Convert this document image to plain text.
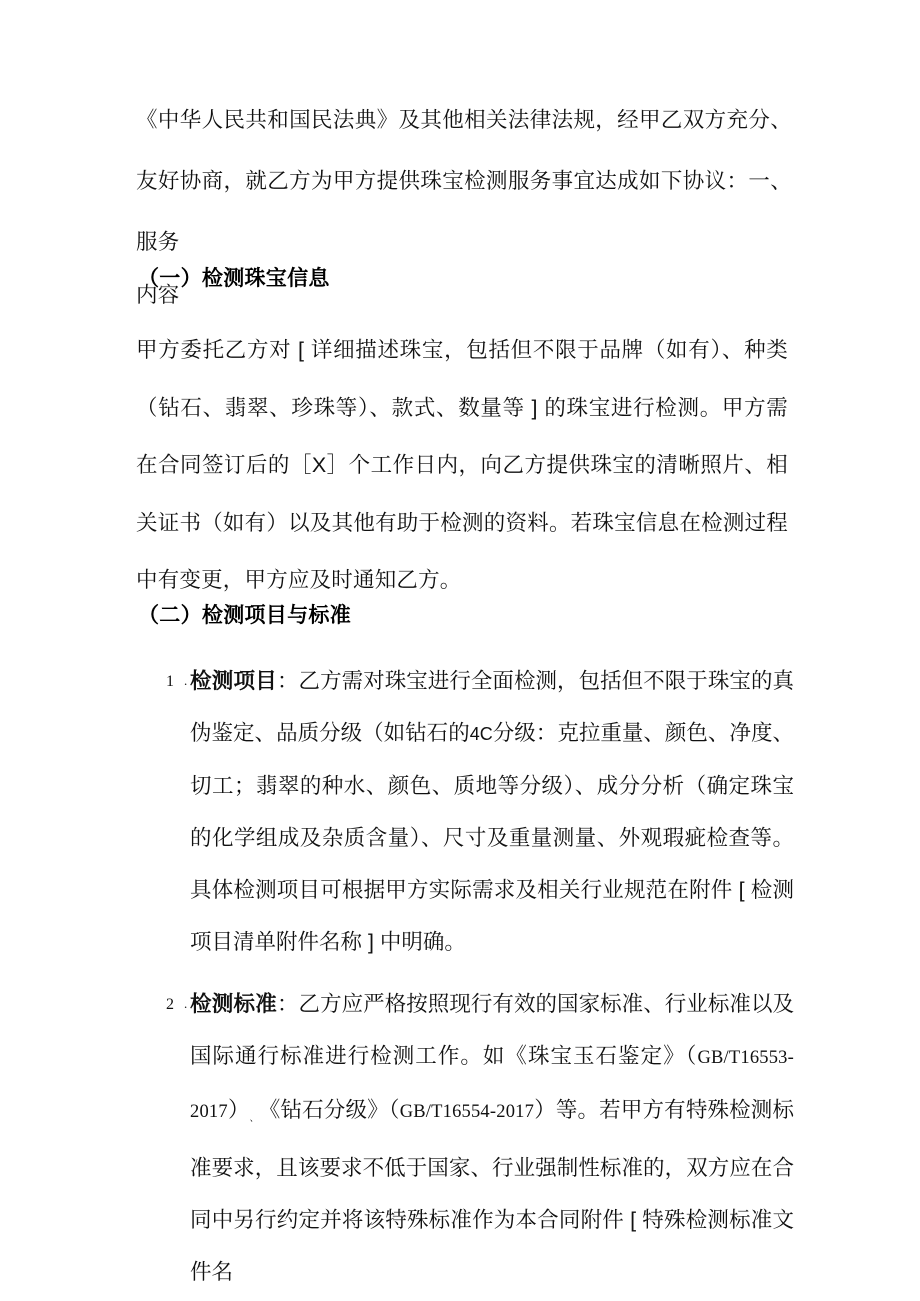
《中华人民共和国民法典》及其他相关法律法规，经甲乙双方充分、友好协商，就乙方为甲方提供珠宝检测服务事宜达成如下协议：一、服务
内容

（一）检测珠宝信息

甲方委托乙方对 [ 详细描述珠宝，包括但不限于品牌（如有）、种类（钻石、翡翠、珍珠等）、款式、数量等 ] 的珠宝进行检测。甲方需在合同签订后的［X］个工作日内，向乙方提供珠宝的清晰照片、相关证书（如有）以及其他有助于检测的资料。若珠宝信息在检测过程中有变更，甲方应及时通知乙方。

（二）检测项目与标准
1 . 检测项目：乙方需对珠宝进行全面检测，包括但不限于珠宝的真伪鉴定、品质分级（如钻石的4C分级：克拉重量、颜色、净度、切工；翡翠的种水、颜色、质地等分级）、成分分析（确定珠宝的化学组成及杂质含量）、尺寸及重量测量、外观瑕疵检查等。具体检测项目可根据甲方实际需求及相关行业规范在附件 [ 检测项目清单附件名称 ] 中明确。
2 . 检测标准：乙方应严格按照现行有效的国家标准、行业标准以及国际通行标准进行检测工作。如《珠宝玉石鉴定》（GB/T16553-2017）、《钻石分级》（GB/T16554-2017）等。若甲方有特殊检测标准要求，且该要求不低于国家、行业强制性标准的，双方应在合同中另行约定并将该特殊标准作为本合同附件 [ 特殊检测标准文件名
